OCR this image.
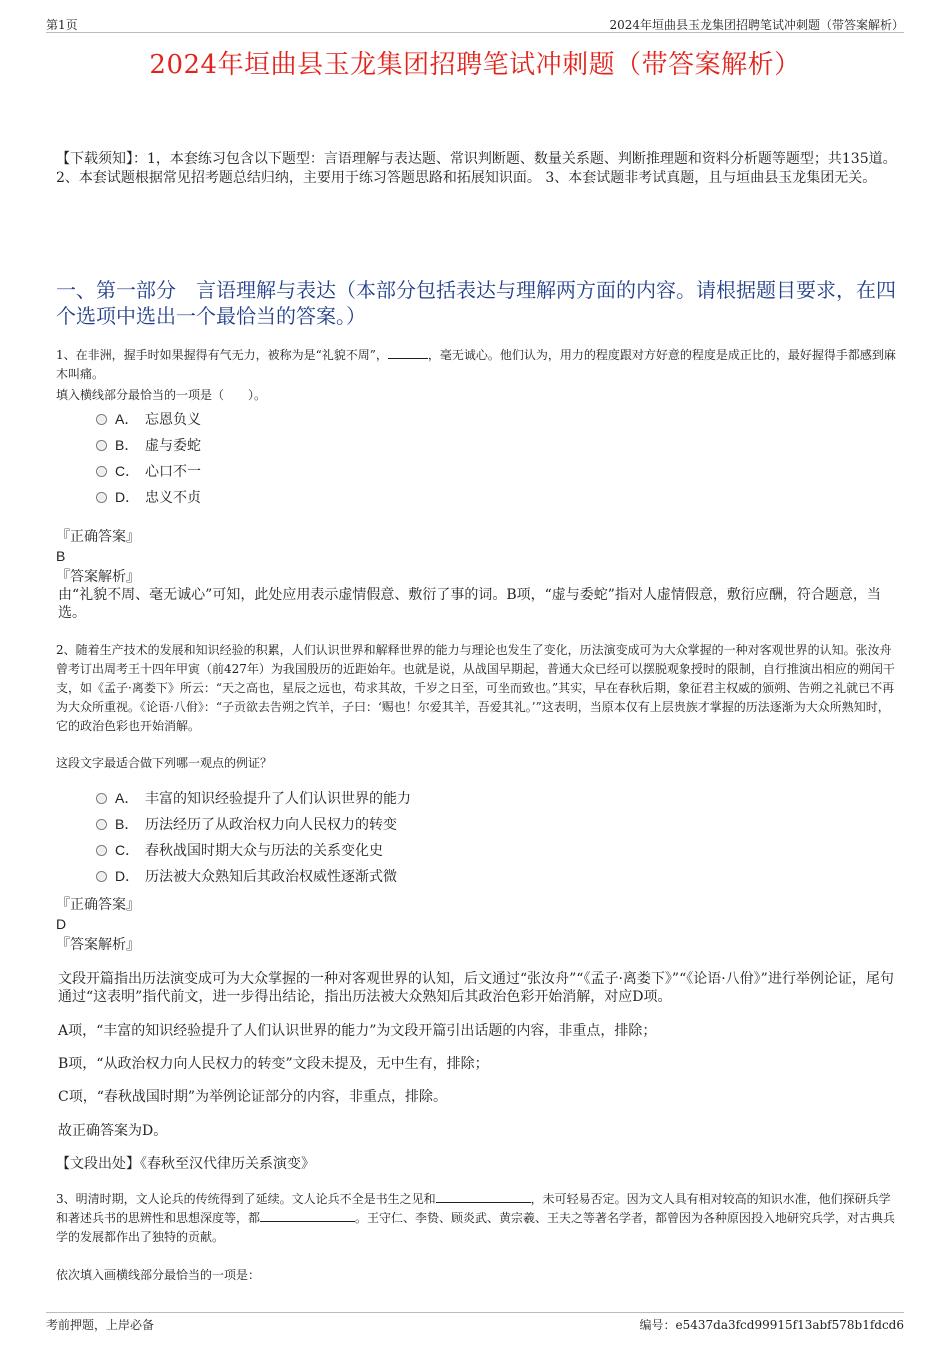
第1页	2024年垣曲县玉龙集团招聘笔试冲刺题（带答案解析）
2024年垣曲县玉龙集团招聘笔试冲刺题（带答案解析）
【下载须知】：1，本套练习包含以下题型：言语理解与表达题、常识判断题、数量关系题、判断推理题和资料分析题等题型；共135道。 2、本套试题根据常见招考题总结归纳，主要用于练习答题思路和拓展知识面。 3、本套试题非考试真题，且与垣曲县玉龙集团无关。
一、第一部分　言语理解与表达（本部分包括表达与理解两方面的内容。请根据题目要求，在四个选项中选出一个最恰当的答案。）
1、在非洲，握手时如果握得有气无力，被称为是“礼貌不周”，	，毫无诚心。他们认为，用力的程度跟对方好意的程度是成正比的，最好握得手都感到麻木叫痛。
填入横线部分最恰当的一项是（　　）。
A． 忘恩负义
B． 虚与委蛇
C． 心口不一
D． 忠义不贞
『正确答案』
B
『答案解析』
由“礼貌不周、毫无诚心”可知，此处应用表示虚情假意、敷衍了事的词。B项，“虚与委蛇”指对人虚情假意，敷衍应酬，符合题意，当选。
2、随着生产技术的发展和知识经验的积累，人们认识世界和解释世界的能力与理论也发生了变化，历法演变成可为大众掌握的一种对客观世界的认知。张汝舟曾考订出周考王十四年甲寅（前427年）为我国殷历的近距始年。也就是说，从战国早期起，普通大众已经可以摆脱观象授时的限制，自行推演出相应的朔闰干支，如《孟子·离娄下》所云：“天之高也，星辰之远也，苟求其故，千岁之日至，可坐而致也。”其实，早在春秋后期，象征君主权威的颁朔、告朔之礼就已不再为大众所重视。《论语·八佾》：“子贡欲去告朔之饩羊，子曰：‘赐也！尔爱其羊，吾爱其礼。’”这表明，当原本仅有上层贵族才掌握的历法逐渐为大众所熟知时，它的政治色彩也开始消解。
这段文字最适合做下列哪一观点的例证？
A． 丰富的知识经验提升了人们认识世界的能力
B． 历法经历了从政治权力向人民权力的转变
C． 春秋战国时期大众与历法的关系变化史
D． 历法被大众熟知后其政治权威性逐渐式微
『正确答案』
D
『答案解析』
文段开篇指出历法演变成可为大众掌握的一种对客观世界的认知，后文通过“张汝舟”“《孟子·离娄下》”“《论语·八佾》”进行举例论证，尾句通过“这表明”指代前文，进一步得出结论，指出历法被大众熟知后其政治色彩开始消解，对应D项。
A项，“丰富的知识经验提升了人们认识世界的能力”为文段开篇引出话题的内容，非重点，排除；
B项，“从政治权力向人民权力的转变”文段未提及，无中生有，排除；
C项，“春秋战国时期”为举例论证部分的内容，非重点，排除。
故正确答案为D。
【文段出处】《春秋至汉代律历关系演变》
3、明清时期，文人论兵的传统得到了延续。文人论兵不全是书生之见和	，未可轻易否定。因为文人具有相对较高的知识水准，他们探研兵学和著述兵书的思辨性和思想深度等，都	。王守仁、李贽、顾炎武、黄宗羲、王夫之等著名学者，都曾因为各种原因投入地研究兵学，对古典兵学的发展都作出了独特的贡献。
依次填入画横线部分最恰当的一项是：
考前押题，上岸必备	编号：e5437da3fcd99915f13abf578b1fdcd6
